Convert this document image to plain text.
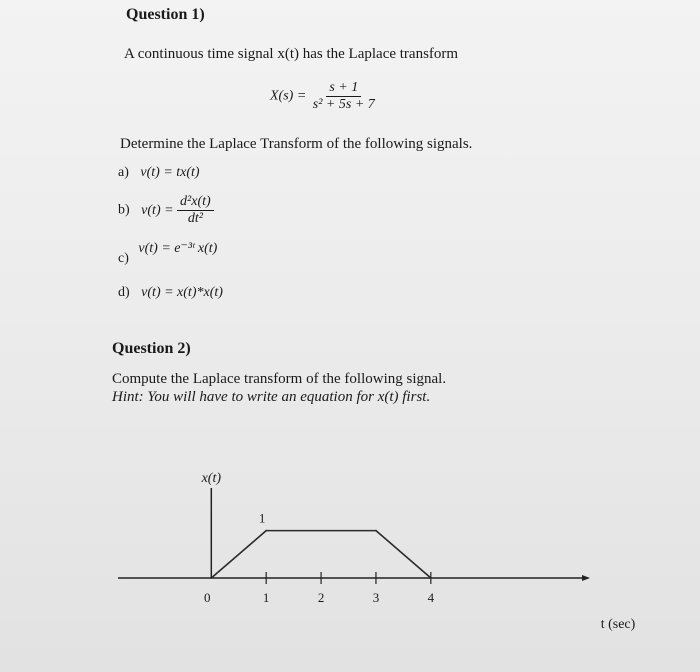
Question 1)
A continuous time signal x(t) has the Laplace transform
$X(s) = \frac{s + 1}{\text{s² + 5s + 7}}$
Determine the Laplace Transform of the following signals.
a) v(t) = tx(t)
b) $v(t) = \frac{\text{d²x(t)}}{\text{dt²}}$
c) v(t) = e⁻³ᵗ x(t)
d) v(t) = x(t)*x(t)
Question 2)
Compute the Laplace transform of the following signal.
Hint: You will have to write an equation for x(t) first.
x(t)
t (sec)
0	1	2	3	4
1
